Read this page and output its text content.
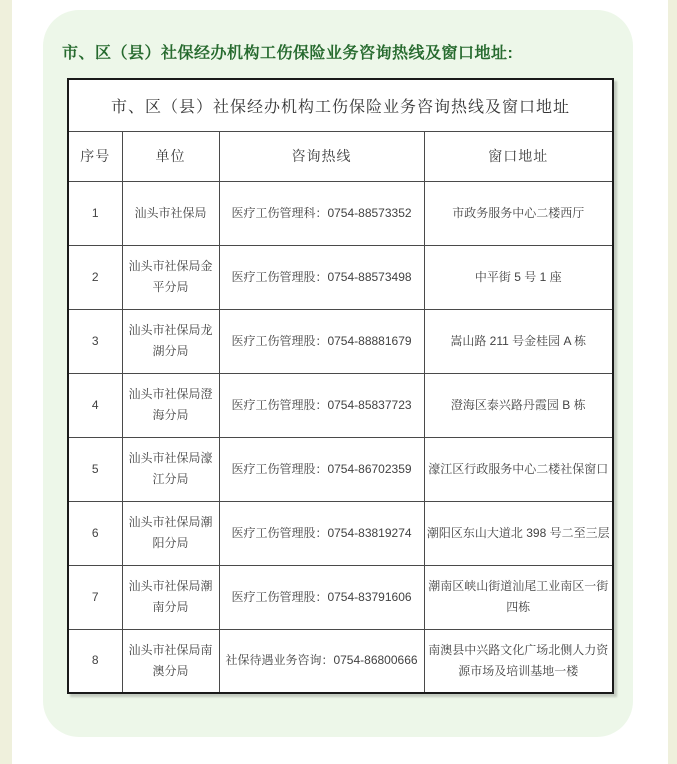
市、区（县）社保经办机构工伤保险业务咨询热线及窗口地址:
市、区（县）社保经办机构工伤保险业务咨询热线及窗口地址			
序号	单位	咨询热线	窗口地址
1	汕头市社保局	医疗工伤管理科：0754-88573352	市政务服务中心二楼西厅
2	汕头市社保局金平分局	医疗工伤管理股：0754-88573498	中平街 5 号 1 座
3	汕头市社保局龙湖分局	医疗工伤管理股：0754-88881679	嵩山路 211 号金桂园 A 栋
4	汕头市社保局澄海分局	医疗工伤管理股：0754-85837723	澄海区泰兴路丹霞园 B 栋
5	汕头市社保局濠江分局	医疗工伤管理股：0754-86702359	濠江区行政服务中心二楼社保窗口
6	汕头市社保局潮阳分局	医疗工伤管理股：0754-83819274	潮阳区东山大道北 398 号二至三层
7	汕头市社保局潮南分局	医疗工伤管理股：0754-83791606	潮南区峡山街道汕尾工业南区一街四栋
8	汕头市社保局南澳分局	社保待遇业务咨询：0754-86800666	南澳县中兴路文化广场北侧人力资源市场及培训基地一楼
